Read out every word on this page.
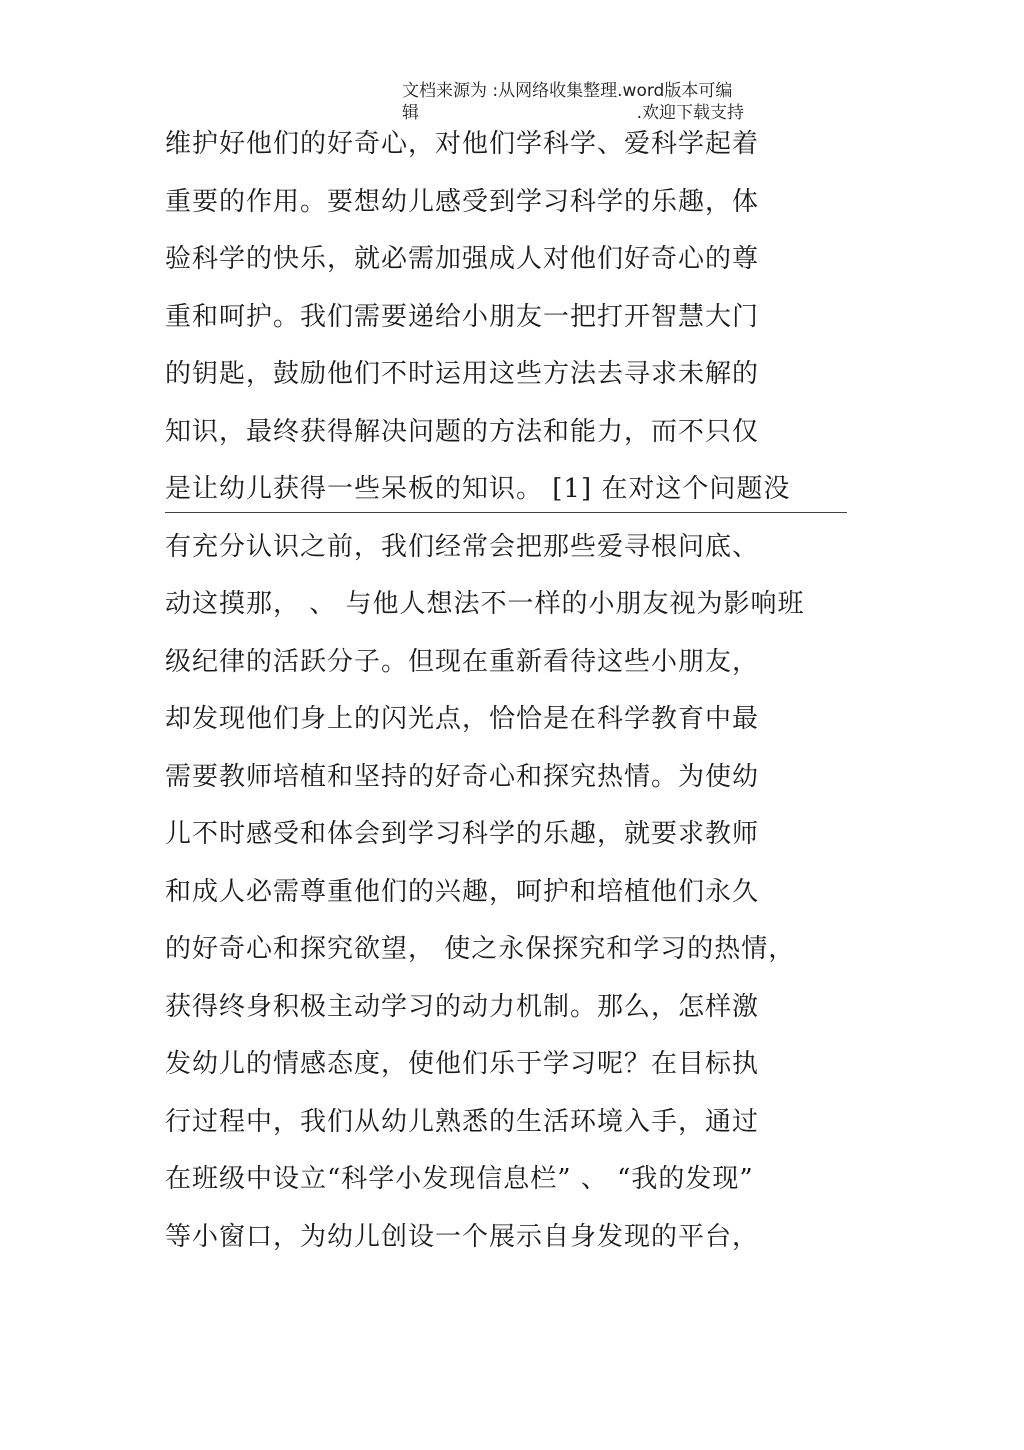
文档来源为 :从网络收集整理.word版本可编
辑	.欢迎下载支持
维护好他们的好奇心，对他们学科学、爱科学起着
重要的作用。要想幼儿感受到学习科学的乐趣，体
验科学的快乐，就必需加强成人对他们好奇心的尊
重和呵护。我们需要递给小朋友一把打开智慧大门
的钥匙，鼓励他们不时运用这些方法去寻求未解的
知识，最终获得解决问题的方法和能力，而不只仅
是让幼儿获得一些呆板的知识。 [1] 在对这个问题没
有充分认识之前，我们经常会把那些爱寻根问底、
动这摸那， 、 与他人想法不一样的小朋友视为影响班
级纪律的活跃分子。但现在重新看待这些小朋友，
却发现他们身上的闪光点，恰恰是在科学教育中最
需要教师培植和坚持的好奇心和探究热情。为使幼
儿不时感受和体会到学习科学的乐趣，就要求教师
和成人必需尊重他们的兴趣，呵护和培植他们永久
的好奇心和探究欲望， 使之永保探究和学习的热情，
获得终身积极主动学习的动力机制。那么，怎样激
发幼儿的情感态度，使他们乐于学习呢？在目标执
行过程中，我们从幼儿熟悉的生活环境入手，通过
在班级中设立“科学小发现信息栏” 、 “我的发现”
等小窗口，为幼儿创设一个展示自身发现的平台，
